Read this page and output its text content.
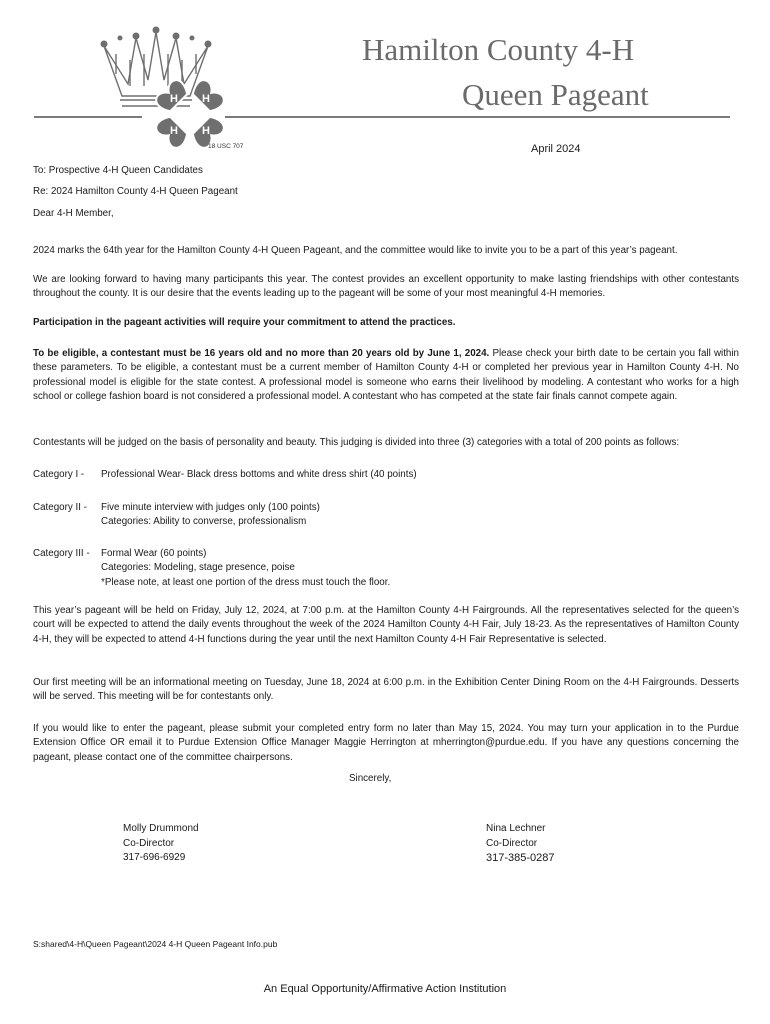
H H
H H
18 USC 707
Hamilton County 4-H
Queen Pageant
April 2024
To: Prospective 4-H Queen Candidates
Re: 2024 Hamilton County 4-H Queen Pageant
Dear 4-H Member,
2024 marks the 64th year for the Hamilton County 4-H Queen Pageant, and the committee would like to invite you to be a part of this year’s pageant.
We are looking forward to having many participants this year. The contest provides an excellent opportunity to make lasting friendships with other contestants throughout the county. It is our desire that the events leading up to the pageant will be some of your most meaningful 4-H memories.
Participation in the pageant activities will require your commitment to attend the practices.
To be eligible, a contestant must be 16 years old and no more than 20 years old by June 1, 2024. Please check your birth date to be certain you fall within these parameters. To be eligible, a contestant must be a current member of Hamilton County 4-H or completed her previous year in Hamilton County 4-H. No professional model is eligible for the state contest. A professional model is someone who earns their livelihood by modeling. A contestant who works for a high school or college fashion board is not considered a professional model. A contestant who has competed at the state fair finals cannot compete again.
Contestants will be judged on the basis of personality and beauty. This judging is divided into three (3) categories with a total of 200 points as follows:
Category I - Professional Wear- Black dress bottoms and white dress shirt (40 points)
Category II - Five minute interview with judges only (100 points)
Categories: Ability to converse, professionalism
Category III - Formal Wear (60 points)
Categories: Modeling, stage presence, poise
*Please note, at least one portion of the dress must touch the floor.
This year’s pageant will be held on Friday, July 12, 2024, at 7:00 p.m. at the Hamilton County 4-H Fairgrounds. All the representatives selected for the queen’s court will be expected to attend the daily events throughout the week of the 2024 Hamilton County 4-H Fair, July 18-23. As the representatives of Hamilton County 4-H, they will be expected to attend 4-H functions during the year until the next Hamilton County 4-H Fair Representative is selected.
Our first meeting will be an informational meeting on Tuesday, June 18, 2024 at 6:00 p.m. in the Exhibition Center Dining Room on the 4-H Fairgrounds. Desserts will be served. This meeting will be for contestants only.
If you would like to enter the pageant, please submit your completed entry form no later than May 15, 2024. You may turn your application in to the Purdue Extension Office OR email it to Purdue Extension Office Manager Maggie Herrington at mherrington@purdue.edu. If you have any questions concerning the pageant, please contact one of the committee chairpersons.
Sincerely,
Molly Drummond
Co-Director
317-696-6929
Nina Lechner
Co-Director
317-385-0287
S:shared\4-H\Queen Pageant\2024 4-H Queen Pageant Info.pub
An Equal Opportunity/Affirmative Action Institution
